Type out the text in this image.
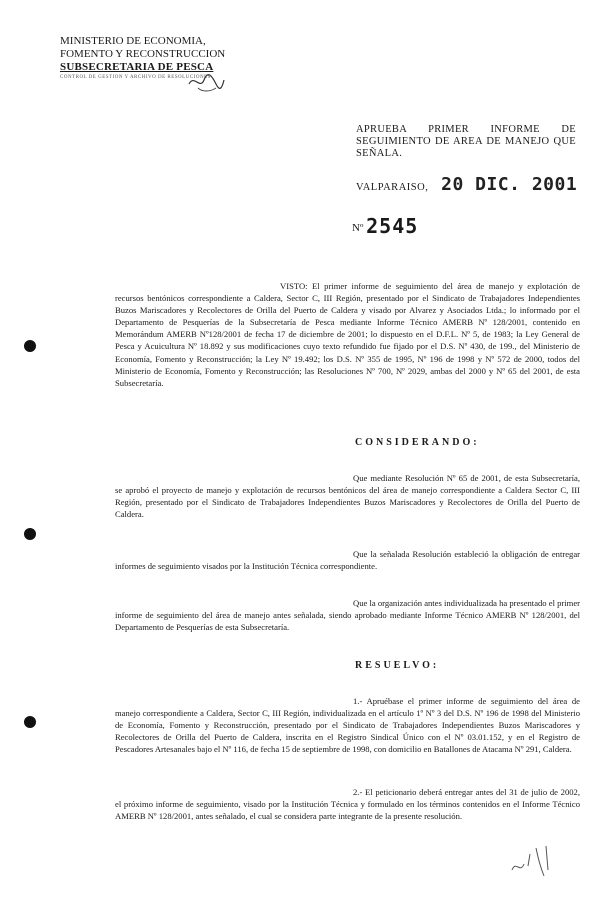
MINISTERIO DE ECONOMIA,
FOMENTO Y RECONSTRUCCION
SUBSECRETARIA DE PESCA
CONTROL DE GESTION Y ARCHIVO DE RESOLUCIONES
APRUEBA PRIMER INFORME DE SEGUIMIENTO DE AREA DE MANEJO QUE SEÑALA.
VALPARAISO, 20 DIC. 2001
Nº 2545
VISTO: El primer informe de seguimiento del área de manejo y explotación de recursos bentónicos correspondiente a Caldera, Sector C, III Región, presentado por el Sindicato de Trabajadores Independientes Buzos Mariscadores y Recolectores de Orilla del Puerto de Caldera y visado por Alvarez y Asociados Ltda.; lo informado por el Departamento de Pesquerías de la Subsecretaría de Pesca mediante Informe Técnico AMERB Nº 128/2001, contenido en Memorándum AMERB Nº128/2001 de fecha 17 de diciembre de 2001; lo dispuesto en el D.F.L. Nº 5, de 1983; la Ley General de Pesca y Acuicultura Nº 18.892 y sus modificaciones cuyo texto refundido fue fijado por el D.S. Nº 430, de 199., del Ministerio de Economía, Fomento y Reconstrucción; la Ley Nº 19.492; los D.S. Nº 355 de 1995, Nº 196 de 1998 y Nº 572 de 2000, todos del Ministerio de Economía, Fomento y Reconstrucción; las Resoluciones Nº 700, Nº 2029, ambas del 2000 y Nº 65 del 2001, de esta Subsecretaría.
CONSIDERANDO:
Que mediante Resolución Nº 65 de 2001, de esta Subsecretaría, se aprobó el proyecto de manejo y explotación de recursos bentónicos del área de manejo correspondiente a Caldera Sector C, III Región, presentado por el Sindicato de Trabajadores Independientes Buzos Mariscadores y Recolectores de Orilla del Puerto de Caldera.
Que la señalada Resolución estableció la obligación de entregar informes de seguimiento visados por la Institución Técnica correspondiente.
Que la organización antes individualizada ha presentado el primer informe de seguimiento del área de manejo antes señalada, siendo aprobado mediante Informe Técnico AMERB Nº 128/2001, del Departamento de Pesquerías de esta Subsecretaría.
RESUELVO:
1.- Apruébase el primer informe de seguimiento del área de manejo correspondiente a Caldera, Sector C, III Región, individualizada en el artículo 1º Nº 3 del D.S. Nº 196 de 1998 del Ministerio de Economía, Fomento y Reconstrucción, presentado por el Sindicato de Trabajadores Independientes Buzos Mariscadores y Recolectores de Orilla del Puerto de Caldera, inscrita en el Registro Sindical Único con el Nº 03.01.152, y en el Registro de Pescadores Artesanales bajo el Nº 116, de fecha 15 de septiembre de 1998, con domicilio en Batallones de Atacama Nº 291, Caldera.
2.- El peticionario deberá entregar antes del 31 de julio de 2002, el próximo informe de seguimiento, visado por la Institución Técnica y formulado en los términos contenidos en el Informe Técnico AMERB Nº 128/2001, antes señalado, el cual se considera parte integrante de la presente resolución.
